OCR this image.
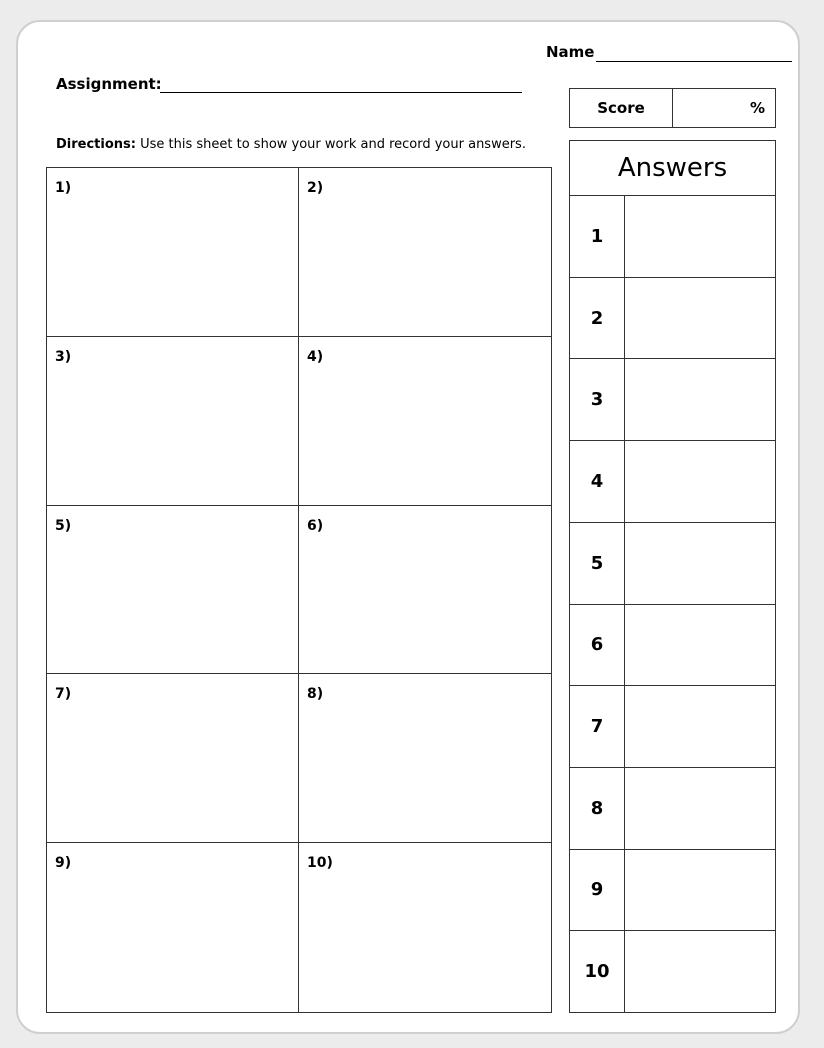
Name
Assignment:
Directions: Use this sheet to show your work and record your answers.
Score	%
1)	2)
3)	4)
5)	6)
7)	8)
9)	10)
Answers
1
2
3
4
5
6
7
8
9
10
